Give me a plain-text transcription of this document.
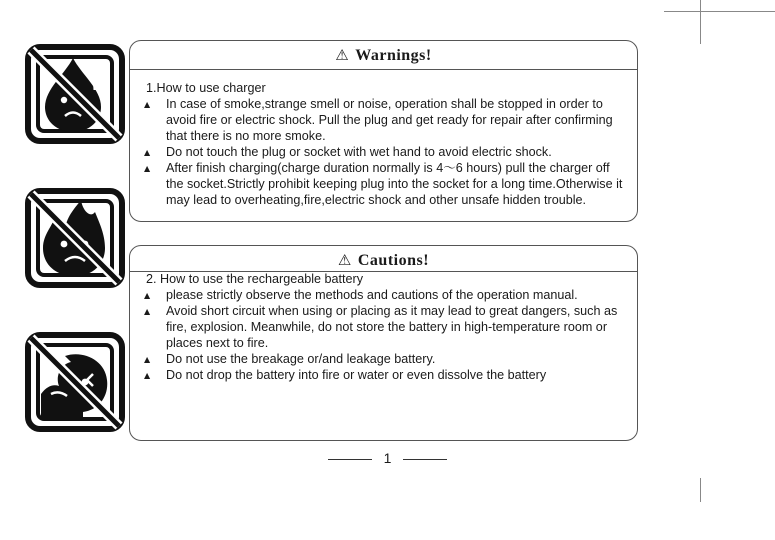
⚠ Warnings!
1.How to use charger
▲ In case of smoke,strange smell or noise, operation shall be stopped in order to avoid fire or electric shock. Pull the plug and get ready for repair after confirming that there is no more smoke.
▲ Do not touch the plug or socket with wet hand to avoid electric shock.
▲ After finish charging(charge duration normally is 4～6 hours) pull the charger off the socket.Strictly prohibit keeping plug into the socket for a long time.Otherwise it may lead to overheating,fire,electric shock and other unsafe hidden trouble.
⚠ Cautions!
2. How to use the rechargeable battery
▲ please strictly observe the methods and cautions of the operation manual.
▲ Avoid short circuit when using or placing as it may lead to great dangers, such as fire, explosion. Meanwhile, do not store the battery in high-temperature room or places next to fire.
▲ Do not use the breakage or/and leakage battery.
▲ Do not drop the battery into fire or water or even dissolve the battery
1
